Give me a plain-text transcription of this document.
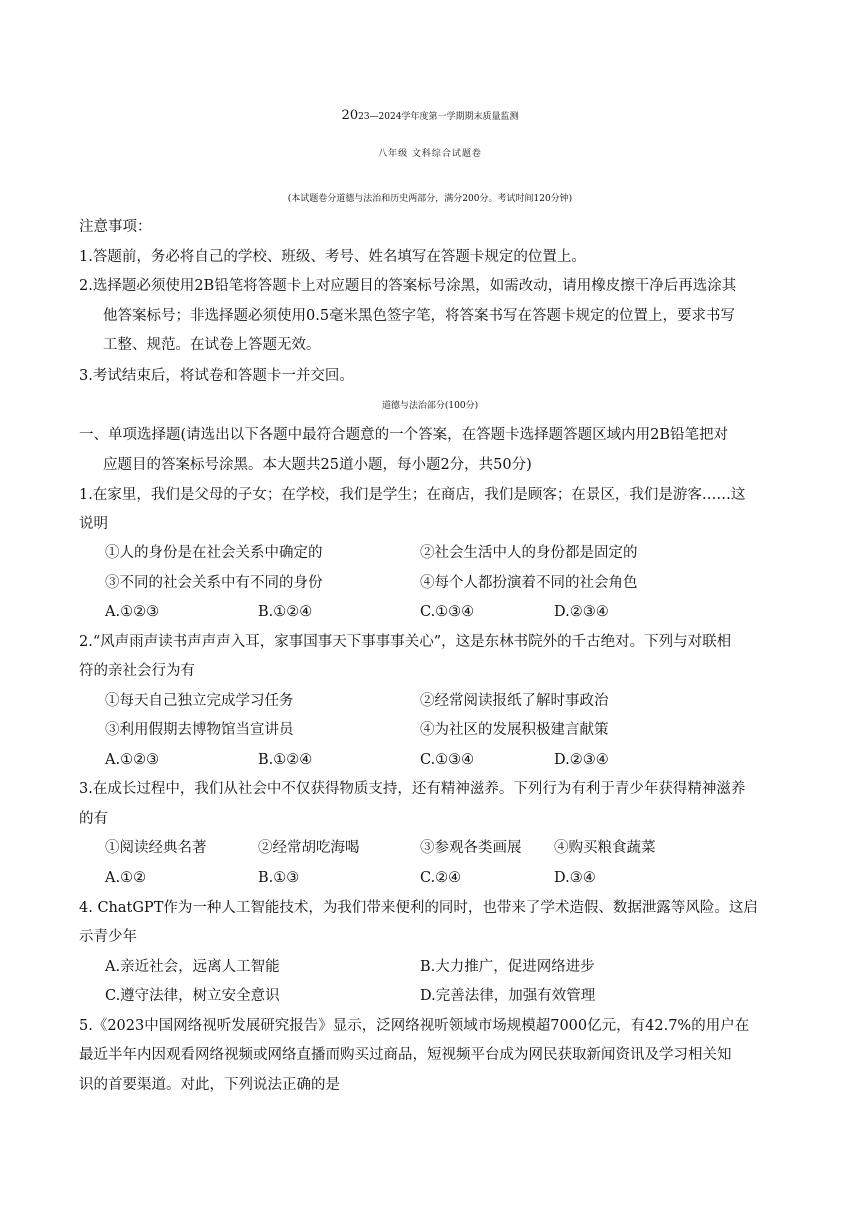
2023—2024学年度第一学期期末质量监测
八年级 文科综合试题卷
(本试题卷分道德与法治和历史两部分，满分200分。考试时间120分钟)
注意事项：
1.答题前，务必将自己的学校、班级、考号、姓名填写在答题卡规定的位置上。
2.选择题必须使用2B铅笔将答题卡上对应题目的答案标号涂黑，如需改动，请用橡皮擦干净后再选涂其
他答案标号；非选择题必须使用0.5毫米黑色签字笔，将答案书写在答题卡规定的位置上，要求书写
工整、规范。在试卷上答题无效。
3.考试结束后，将试卷和答题卡一并交回。
道德与法治部分(100分)
一、单项选择题(请选出以下各题中最符合题意的一个答案，在答题卡选择题答题区域内用2B铅笔把对
应题目的答案标号涂黑。本大题共25道小题，每小题2分，共50分)
1.在家里，我们是父母的子女；在学校，我们是学生；在商店，我们是顾客；在景区，我们是游客……这
说明
①人的身份是在社会关系中确定的	②社会生活中人的身份都是固定的
③不同的社会关系中有不同的身份	④每个人都扮演着不同的社会角色
A.①②③	B.①②④	C.①③④	D.②③④
2.“风声雨声读书声声声入耳，家事国事天下事事事关心”，这是东林书院外的千古绝对。下列与对联相
符的亲社会行为有
①每天自己独立完成学习任务	②经常阅读报纸了解时事政治
③利用假期去博物馆当宣讲员	④为社区的发展积极建言献策
A.①②③	B.①②④	C.①③④	D.②③④
3.在成长过程中，我们从社会中不仅获得物质支持，还有精神滋养。下列行为有利于青少年获得精神滋养
的有
①阅读经典名著	②经常胡吃海喝	③参观各类画展 ④购买粮食蔬菜
A.①②	B.①③	C.②④	D.③④
4. ChatGPT作为一种人工智能技术，为我们带来便利的同时，也带来了学术造假、数据泄露等风险。这启
示青少年
A.亲近社会，远离人工智能	B.大力推广，促进网络进步
C.遵守法律，树立安全意识	D.完善法律，加强有效管理
5.《2023中国网络视听发展研究报告》显示，泛网络视听领域市场规模超7000亿元，有42.7%的用户在
最近半年内因观看网络视频或网络直播而购买过商品，短视频平台成为网民获取新闻资讯及学习相关知
识的首要渠道。对此，下列说法正确的是
